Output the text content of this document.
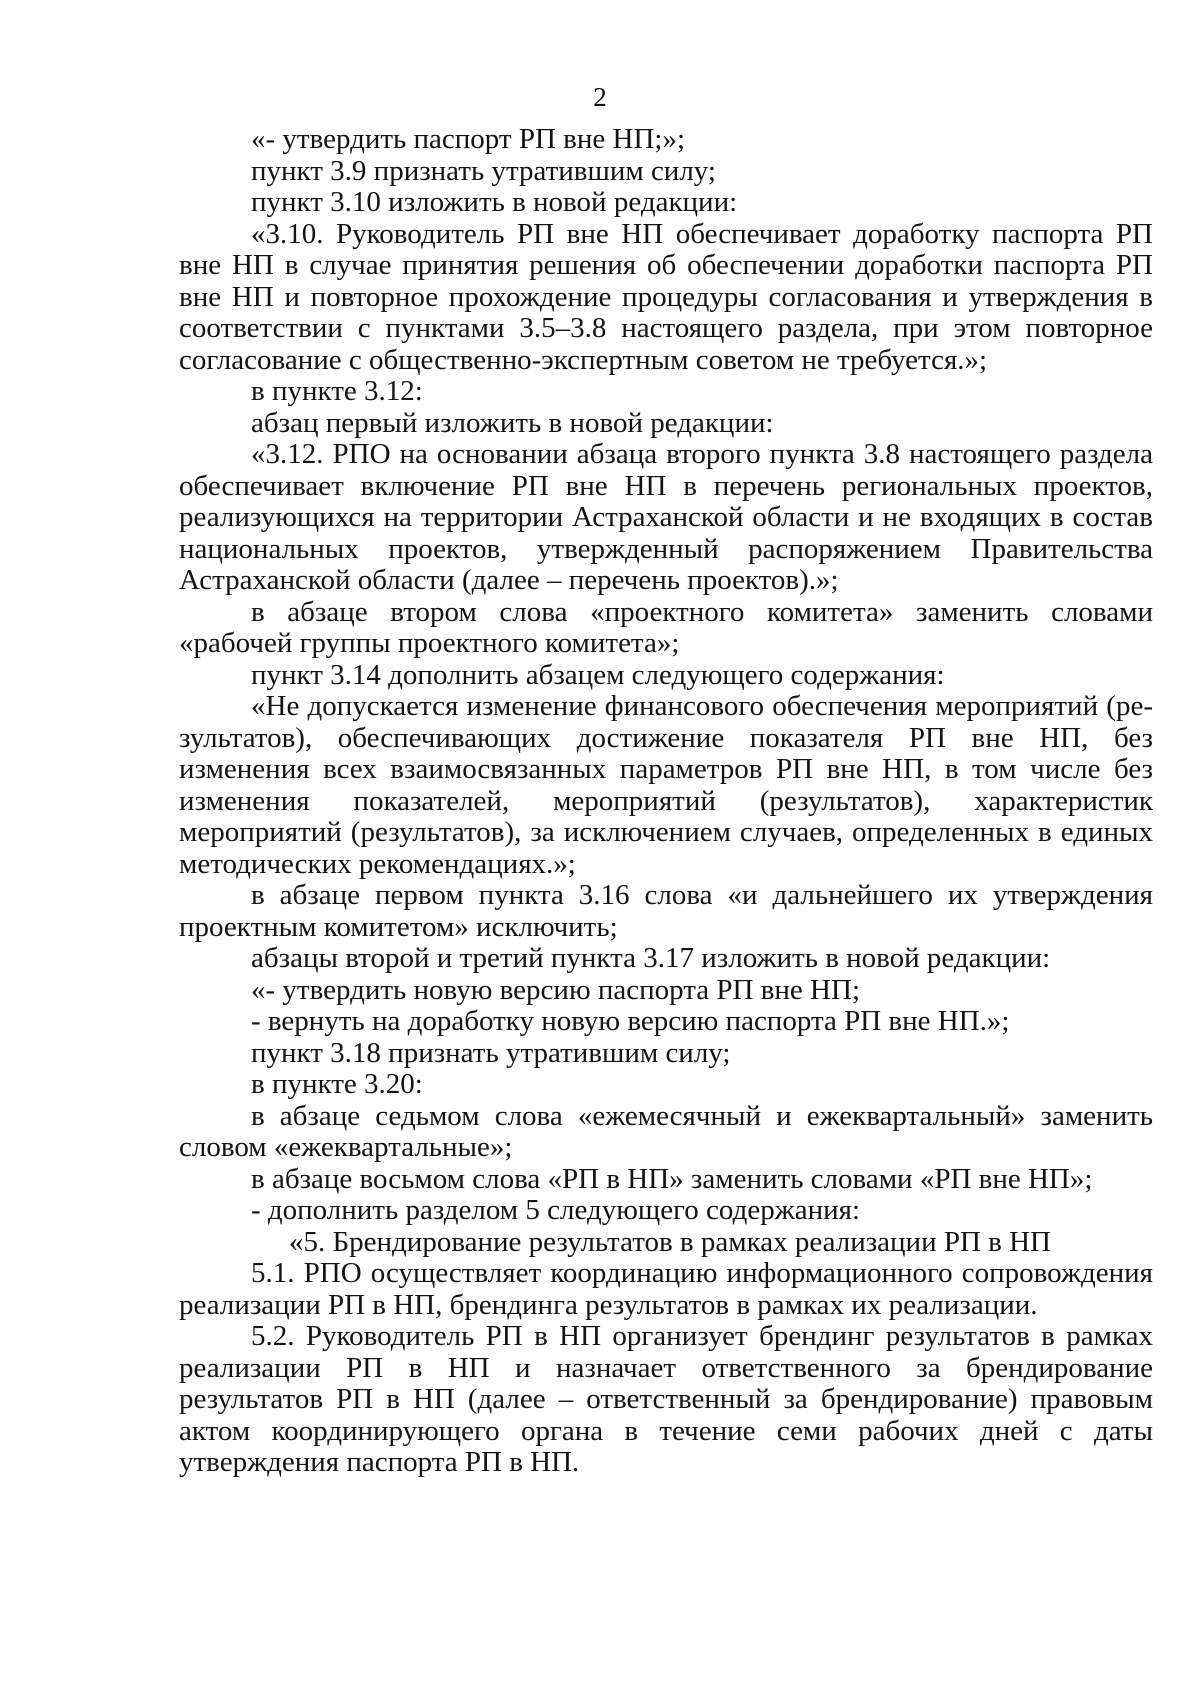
2

«- утвердить паспорт РП вне НП;»;

пункт 3.9 признать утратившим силу;

пункт 3.10 изложить в новой редакции:

«3.10. Руководитель РП вне НП обеспечивает доработку паспорта РП вне НП в случае принятия решения об обеспечении доработки паспорта РП вне НП и повторное прохождение процедуры согласования и утверждения в соответствии с пунктами 3.5–3.8 настоящего раздела, при этом повторное согласование с общественно-экспертным советом не требуется.»;

в пункте 3.12:

абзац первый изложить в новой редакции:

«3.12. РПО на основании абзаца второго пункта 3.8 настоящего раздела обеспечивает включение РП вне НП в перечень региональных проектов, реализующихся на территории Астраханской области и не входящих в состав национальных проектов, утвержденный распоряжением Правительства Астраханской области (далее – перечень проектов).»;

в абзаце втором слова «проектного комитета» заменить словами «рабочей группы проектного комитета»;

пункт 3.14 дополнить абзацем следующего содержания:

«Не допускается изменение финансового обеспечения мероприятий (результатов), обеспечивающих достижение показателя РП вне НП, без изменения всех взаимосвязанных параметров РП вне НП, в том числе без изменения показателей, мероприятий (результатов), характеристик мероприятий (результатов), за исключением случаев, определенных в единых методических рекомендациях.»;

в абзаце первом пункта 3.16 слова «и дальнейшего их утверждения проектным комитетом» исключить;

абзацы второй и третий пункта 3.17 изложить в новой редакции:

«- утвердить новую версию паспорта РП вне НП;

- вернуть на доработку новую версию паспорта РП вне НП.»;

пункт 3.18 признать утратившим силу;

в пункте 3.20:

в абзаце седьмом слова «ежемесячный и ежеквартальный» заменить словом «ежеквартальные»;

в абзаце восьмом слова «РП в НП» заменить словами «РП вне НП»;

- дополнить разделом 5 следующего содержания:

«5. Брендирование результатов в рамках реализации РП в НП

5.1. РПО осуществляет координацию информационного сопровождения реализации РП в НП, брендинга результатов в рамках их реализации.

5.2. Руководитель РП в НП организует брендинг результатов в рамках реализации РП в НП и назначает ответственного за брендирование результатов РП в НП (далее – ответственный за брендирование) правовым актом координирующего органа в течение семи рабочих дней с даты утверждения паспорта РП в НП.
